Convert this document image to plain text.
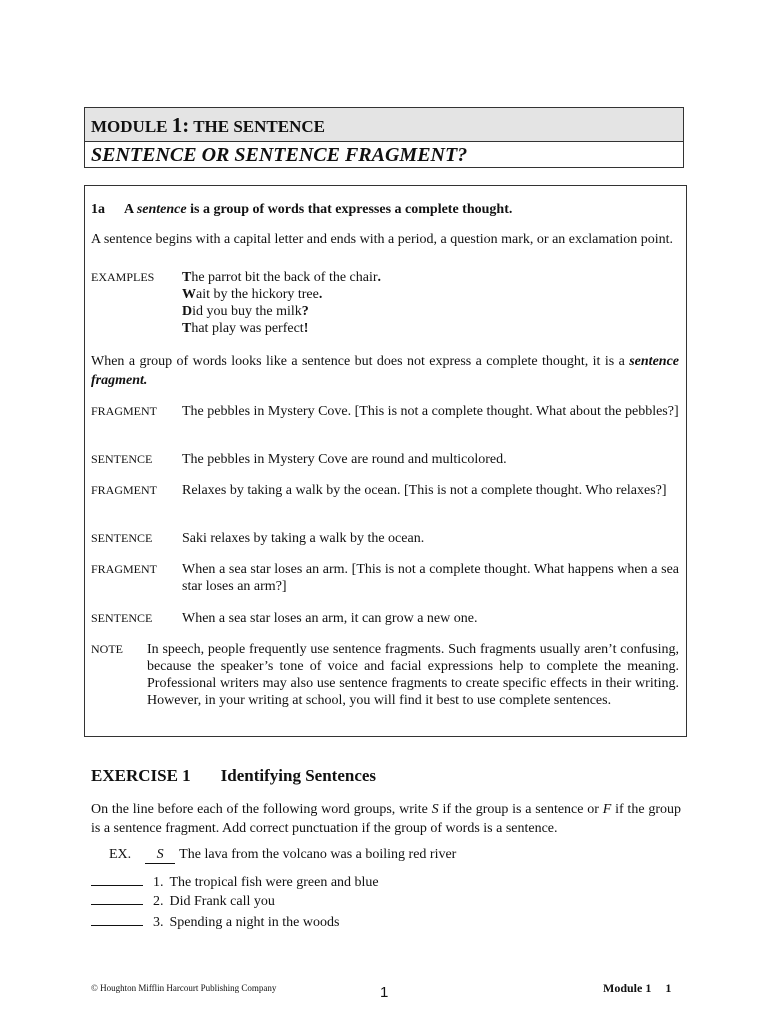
MODULE 1: THE SENTENCE
SENTENCE OR SENTENCE FRAGMENT?
1a A sentence is a group of words that expresses a complete thought.
A sentence begins with a capital letter and ends with a period, a question mark, or an exclamation point.
EXAMPLES The parrot bit the back of the chair.
Wait by the hickory tree.
Did you buy the milk?
That play was perfect!
When a group of words looks like a sentence but does not express a complete thought, it is a sentence fragment.
FRAGMENT The pebbles in Mystery Cove. [This is not a complete thought. What about the pebbles?]
SENTENCE The pebbles in Mystery Cove are round and multicolored.
FRAGMENT Relaxes by taking a walk by the ocean. [This is not a complete thought. Who relaxes?]
SENTENCE Saki relaxes by taking a walk by the ocean.
FRAGMENT When a sea star loses an arm. [This is not a complete thought. What happens when a sea star loses an arm?]
SENTENCE When a sea star loses an arm, it can grow a new one.
NOTE In speech, people frequently use sentence fragments. Such fragments usually aren’t confusing, because the speaker’s tone of voice and facial expressions help to complete the meaning. Professional writers may also use sentence fragments to create specific effects in their writing. However, in your writing at school, you will find it best to use complete sentences.
EXERCISE 1 Identifying Sentences
On the line before each of the following word groups, write S if the group is a sentence or F if the group is a sentence fragment. Add correct punctuation if the group of words is a sentence.
EX. S The lava from the volcano was a boiling red river
1. The tropical fish were green and blue
2. Did Frank call you
3. Spending a night in the woods
© Houghton Mifflin Harcourt Publishing Company	1	Module 1 1
